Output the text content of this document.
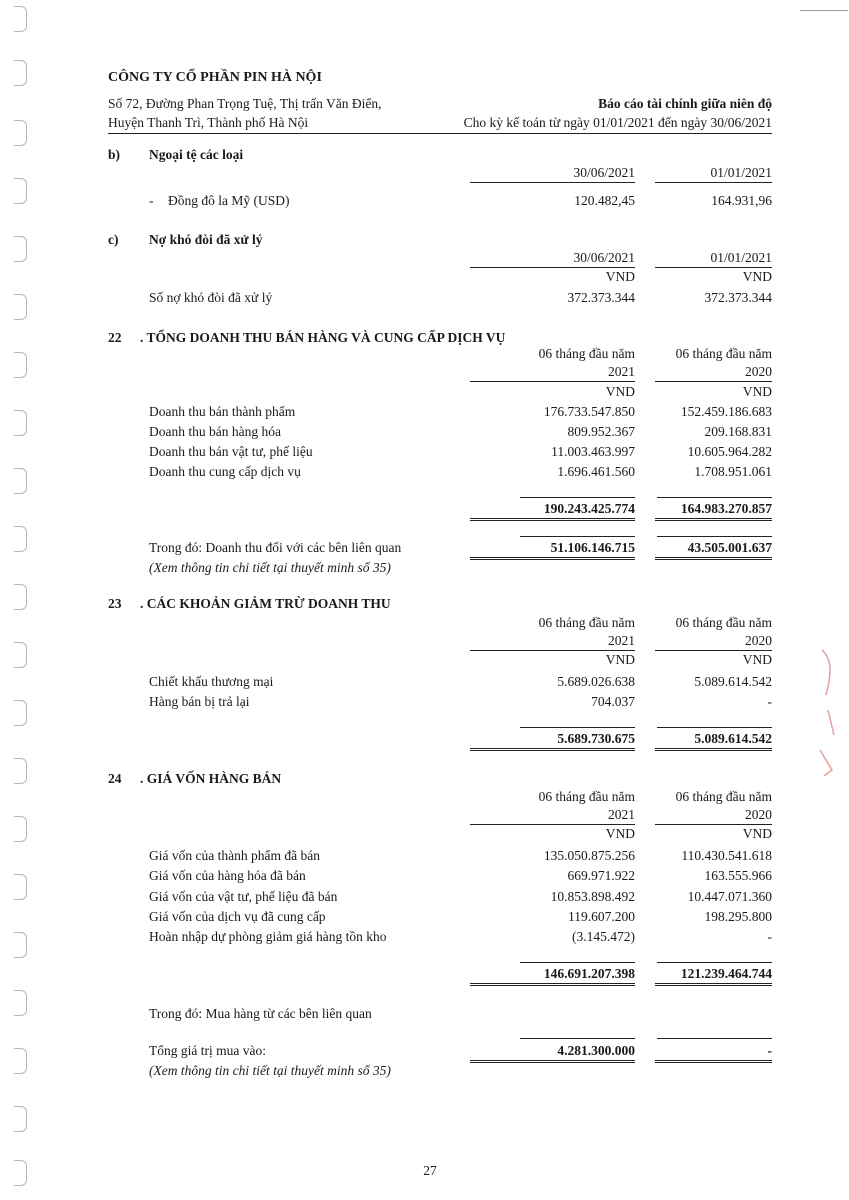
CÔNG TY CỔ PHẦN PIN HÀ NỘI
Số 72, Đường Phan Trọng Tuệ, Thị trấn Văn Điển,
Huyện Thanh Trì, Thành phố Hà Nội
Báo cáo tài chính giữa niên độ
Cho kỳ kế toán từ ngày 01/01/2021 đến ngày 30/06/2021
b) Ngoại tệ các loại
30/06/2021	01/01/2021
- Đồng đô la Mỹ (USD)	120.482,45	164.931,96
c) Nợ khó đòi đã xử lý
30/06/2021	01/01/2021
VND	VND
Số nợ khó đòi đã xử lý	372.373.344	372.373.344
22 . TỔNG DOANH THU BÁN HÀNG VÀ CUNG CẤP DỊCH VỤ
06 tháng đầu năm	06 tháng đầu năm
2021	2020
VND	VND
Doanh thu bán thành phẩm	176.733.547.850	152.459.186.683
Doanh thu bán hàng hóa	809.952.367	209.168.831
Doanh thu bán vật tư, phế liệu	11.003.463.997	10.605.964.282
Doanh thu cung cấp dịch vụ	1.696.461.560	1.708.951.061
190.243.425.774	164.983.270.857
Trong đó: Doanh thu đối với các bên liên quan	51.106.146.715	43.505.001.637
(Xem thông tin chi tiết tại thuyết minh số 35)
23 . CÁC KHOẢN GIẢM TRỪ DOANH THU
06 tháng đầu năm	06 tháng đầu năm
2021	2020
VND	VND
Chiết khấu thương mại	5.689.026.638	5.089.614.542
Hàng bán bị trả lại	704.037	-
5.689.730.675	5.089.614.542
24 . GIÁ VỐN HÀNG BÁN
06 tháng đầu năm	06 tháng đầu năm
2021	2020
VND	VND
Giá vốn của thành phẩm đã bán	135.050.875.256	110.430.541.618
Giá vốn của hàng hóa đã bán	669.971.922	163.555.966
Giá vốn của vật tư, phế liệu đã bán	10.853.898.492	10.447.071.360
Giá vốn của dịch vụ đã cung cấp	119.607.200	198.295.800
Hoàn nhập dự phòng giảm giá hàng tồn kho	(3.145.472)	-
146.691.207.398	121.239.464.744
Trong đó: Mua hàng từ các bên liên quan
Tổng giá trị mua vào:	4.281.300.000	-
(Xem thông tin chi tiết tại thuyết minh số 35)
27
